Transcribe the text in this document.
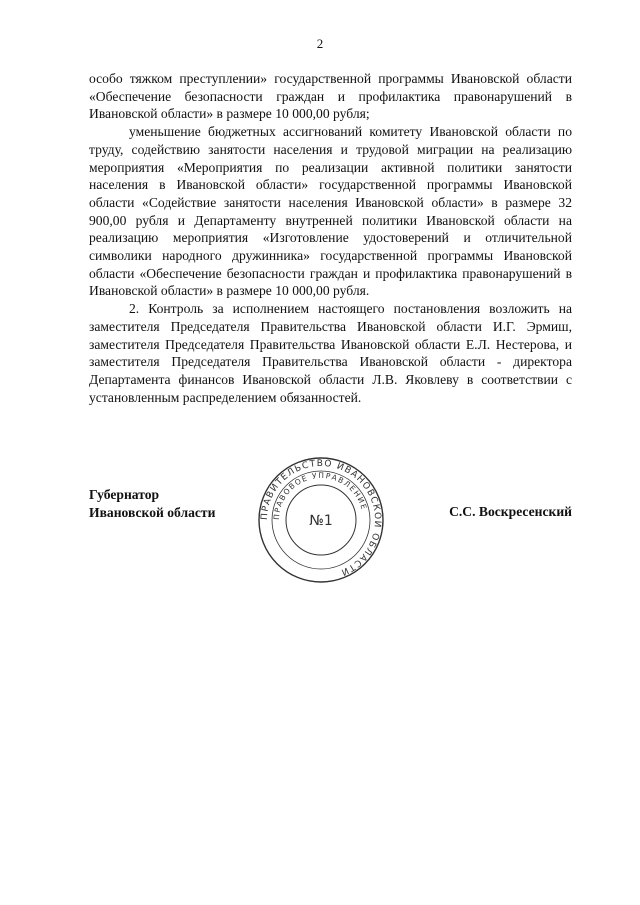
2

особо тяжком преступлении» государственной программы Ивановской области «Обеспечение безопасности граждан и профилактика правонарушений в Ивановской области» в размере 10 000,00 рубля;

уменьшение бюджетных ассигнований комитету Ивановской области по труду, содействию занятости населения и трудовой миграции на реализацию мероприятия «Мероприятия по реализации активной политики занятости населения в Ивановской области» государственной программы Ивановской области «Содействие занятости населения Ивановской области» в размере 32 900,00 рубля и Департаменту внутренней политики Ивановской области на реализацию мероприятия «Изготовление удостоверений и отличительной символики народного дружинника» государственной программы Ивановской области «Обеспечение безопасности граждан и профилактика правонарушений в Ивановской области» в размере 10 000,00 рубля.

2. Контроль за исполнением настоящего постановления возложить на заместителя Председателя Правительства Ивановской области И.Г. Эрмиш, заместителя Председателя Правительства Ивановской области Е.Л. Нестерова, и заместителя Председателя Правительства Ивановской области - директора Департамента финансов Ивановской области Л.В. Яковлеву в соответствии с установленным распределением обязанностей.

Губернатор
Ивановской области	С.С. Воскресенский
ПРАВИТЕЛЬСТВО ИВАНОВСКОЙ ОБЛАСТИ
ПРАВОВОЕ УПРАВЛЕНИЕ
№1
